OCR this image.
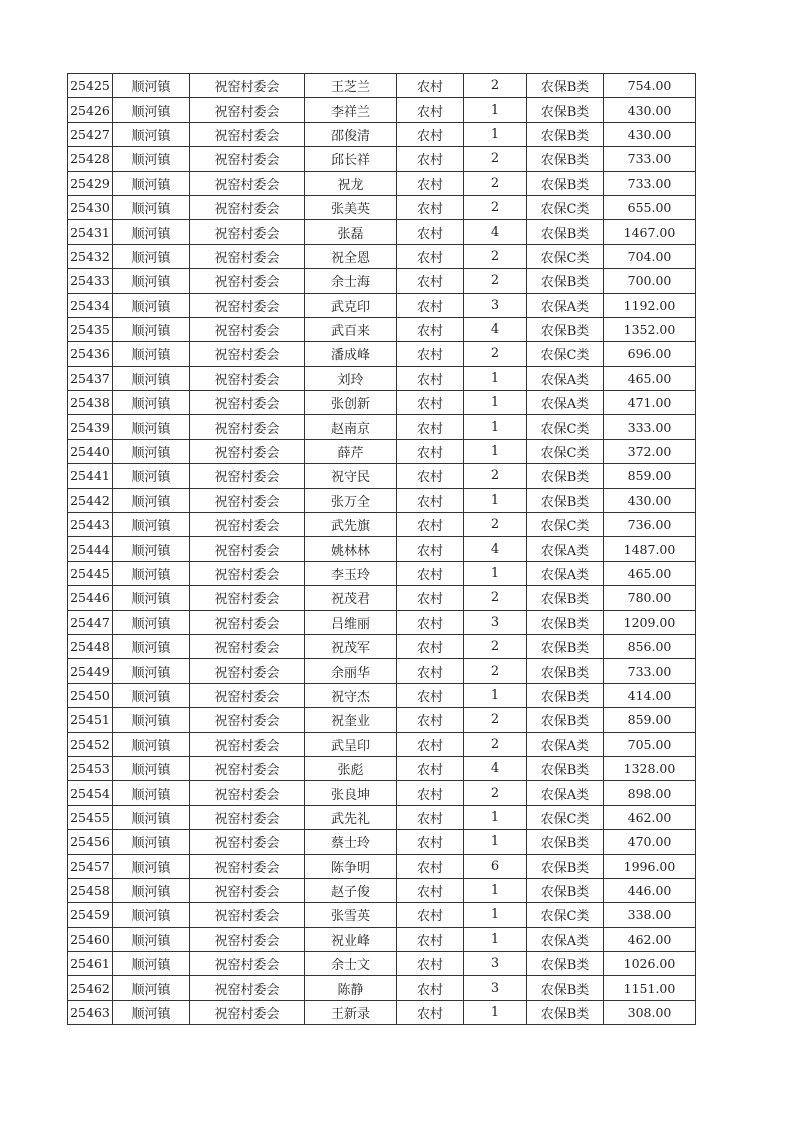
25425	顺河镇	祝窑村委会	王芝兰	农村	2	农保B类	754.00
25426	顺河镇	祝窑村委会	李祥兰	农村	1	农保B类	430.00
25427	顺河镇	祝窑村委会	邵俊清	农村	1	农保B类	430.00
25428	顺河镇	祝窑村委会	邱长祥	农村	2	农保B类	733.00
25429	顺河镇	祝窑村委会	祝龙	农村	2	农保B类	733.00
25430	顺河镇	祝窑村委会	张美英	农村	2	农保C类	655.00
25431	顺河镇	祝窑村委会	张磊	农村	4	农保B类	1467.00
25432	顺河镇	祝窑村委会	祝全恩	农村	2	农保C类	704.00
25433	顺河镇	祝窑村委会	余士海	农村	2	农保B类	700.00
25434	顺河镇	祝窑村委会	武克印	农村	3	农保A类	1192.00
25435	顺河镇	祝窑村委会	武百来	农村	4	农保B类	1352.00
25436	顺河镇	祝窑村委会	潘成峰	农村	2	农保C类	696.00
25437	顺河镇	祝窑村委会	刘玲	农村	1	农保A类	465.00
25438	顺河镇	祝窑村委会	张创新	农村	1	农保A类	471.00
25439	顺河镇	祝窑村委会	赵南京	农村	1	农保C类	333.00
25440	顺河镇	祝窑村委会	薛芹	农村	1	农保C类	372.00
25441	顺河镇	祝窑村委会	祝守民	农村	2	农保B类	859.00
25442	顺河镇	祝窑村委会	张万全	农村	1	农保B类	430.00
25443	顺河镇	祝窑村委会	武先旗	农村	2	农保C类	736.00
25444	顺河镇	祝窑村委会	姚林林	农村	4	农保A类	1487.00
25445	顺河镇	祝窑村委会	李玉玲	农村	1	农保A类	465.00
25446	顺河镇	祝窑村委会	祝茂君	农村	2	农保B类	780.00
25447	顺河镇	祝窑村委会	吕维丽	农村	3	农保B类	1209.00
25448	顺河镇	祝窑村委会	祝茂军	农村	2	农保B类	856.00
25449	顺河镇	祝窑村委会	余丽华	农村	2	农保B类	733.00
25450	顺河镇	祝窑村委会	祝守杰	农村	1	农保B类	414.00
25451	顺河镇	祝窑村委会	祝奎业	农村	2	农保B类	859.00
25452	顺河镇	祝窑村委会	武呈印	农村	2	农保A类	705.00
25453	顺河镇	祝窑村委会	张彪	农村	4	农保B类	1328.00
25454	顺河镇	祝窑村委会	张良坤	农村	2	农保A类	898.00
25455	顺河镇	祝窑村委会	武先礼	农村	1	农保C类	462.00
25456	顺河镇	祝窑村委会	蔡士玲	农村	1	农保B类	470.00
25457	顺河镇	祝窑村委会	陈争明	农村	6	农保B类	1996.00
25458	顺河镇	祝窑村委会	赵子俊	农村	1	农保B类	446.00
25459	顺河镇	祝窑村委会	张雪英	农村	1	农保C类	338.00
25460	顺河镇	祝窑村委会	祝业峰	农村	1	农保A类	462.00
25461	顺河镇	祝窑村委会	余士文	农村	3	农保B类	1026.00
25462	顺河镇	祝窑村委会	陈静	农村	3	农保B类	1151.00
25463	顺河镇	祝窑村委会	王新录	农村	1	农保B类	308.00
